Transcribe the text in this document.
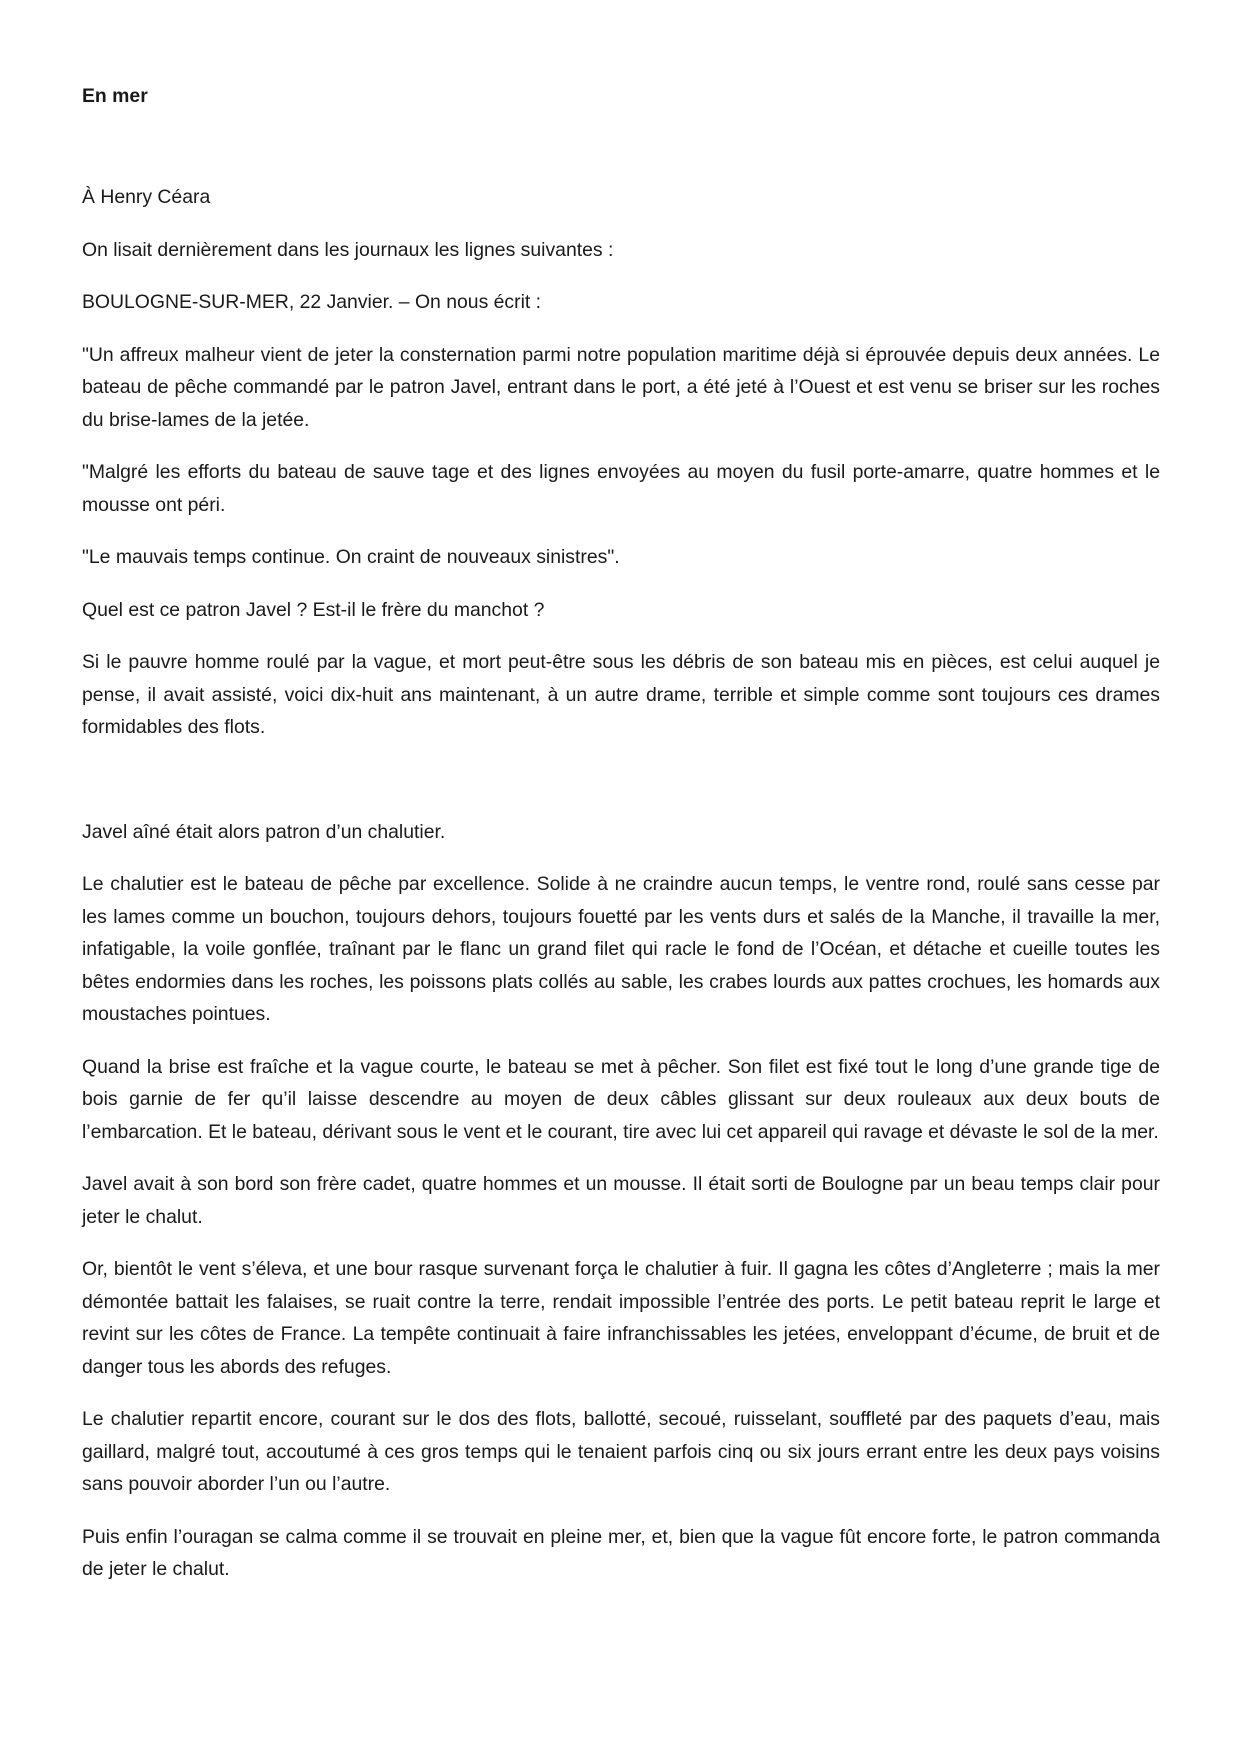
En mer

À Henry Céara

On lisait dernièrement dans les journaux les lignes suivantes :

BOULOGNE-SUR-MER, 22 Janvier. – On nous écrit :

"Un affreux malheur vient de jeter la consternation parmi notre population maritime déjà si éprouvée depuis deux années. Le bateau de pêche commandé par le patron Javel, entrant dans le port, a été jeté à l’Ouest et est venu se briser sur les roches du brise-lames de la jetée.

"Malgré les efforts du bateau de sauve tage et des lignes envoyées au moyen du fusil porte-amarre, quatre hommes et le mousse ont péri.

"Le mauvais temps continue. On craint de nouveaux sinistres".

Quel est ce patron Javel ? Est-il le frère du manchot ?

Si le pauvre homme roulé par la vague, et mort peut-être sous les débris de son bateau mis en pièces, est celui auquel je pense, il avait assisté, voici dix-huit ans maintenant, à un autre drame, terrible et simple comme sont toujours ces drames formidables des flots.

Javel aîné était alors patron d’un chalutier.

Le chalutier est le bateau de pêche par excellence. Solide à ne craindre aucun temps, le ventre rond, roulé sans cesse par les lames comme un bouchon, toujours dehors, toujours fouetté par les vents durs et salés de la Manche, il travaille la mer, infatigable, la voile gonflée, traînant par le flanc un grand filet qui racle le fond de l’Océan, et détache et cueille toutes les bêtes endormies dans les roches, les poissons plats collés au sable, les crabes lourds aux pattes crochues, les homards aux moustaches pointues.

Quand la brise est fraîche et la vague courte, le bateau se met à pêcher. Son filet est fixé tout le long d’une grande tige de bois garnie de fer qu’il laisse descendre au moyen de deux câbles glissant sur deux rouleaux aux deux bouts de l’embarcation. Et le bateau, dérivant sous le vent et le courant, tire avec lui cet appareil qui ravage et dévaste le sol de la mer.

Javel avait à son bord son frère cadet, quatre hommes et un mousse. Il était sorti de Boulogne par un beau temps clair pour jeter le chalut.

Or, bientôt le vent s’éleva, et une bour rasque survenant força le chalutier à fuir. Il gagna les côtes d’Angleterre ; mais la mer démontée battait les falaises, se ruait contre la terre, rendait impossible l’entrée des ports. Le petit bateau reprit le large et revint sur les côtes de France. La tempête continuait à faire infranchissables les jetées, enveloppant d’écume, de bruit et de danger tous les abords des refuges.

Le chalutier repartit encore, courant sur le dos des flots, ballotté, secoué, ruisselant, souffleté par des paquets d’eau, mais gaillard, malgré tout, accoutumé à ces gros temps qui le tenaient parfois cinq ou six jours errant entre les deux pays voisins sans pouvoir aborder l’un ou l’autre.

Puis enfin l’ouragan se calma comme il se trouvait en pleine mer, et, bien que la vague fût encore forte, le patron commanda de jeter le chalut.
